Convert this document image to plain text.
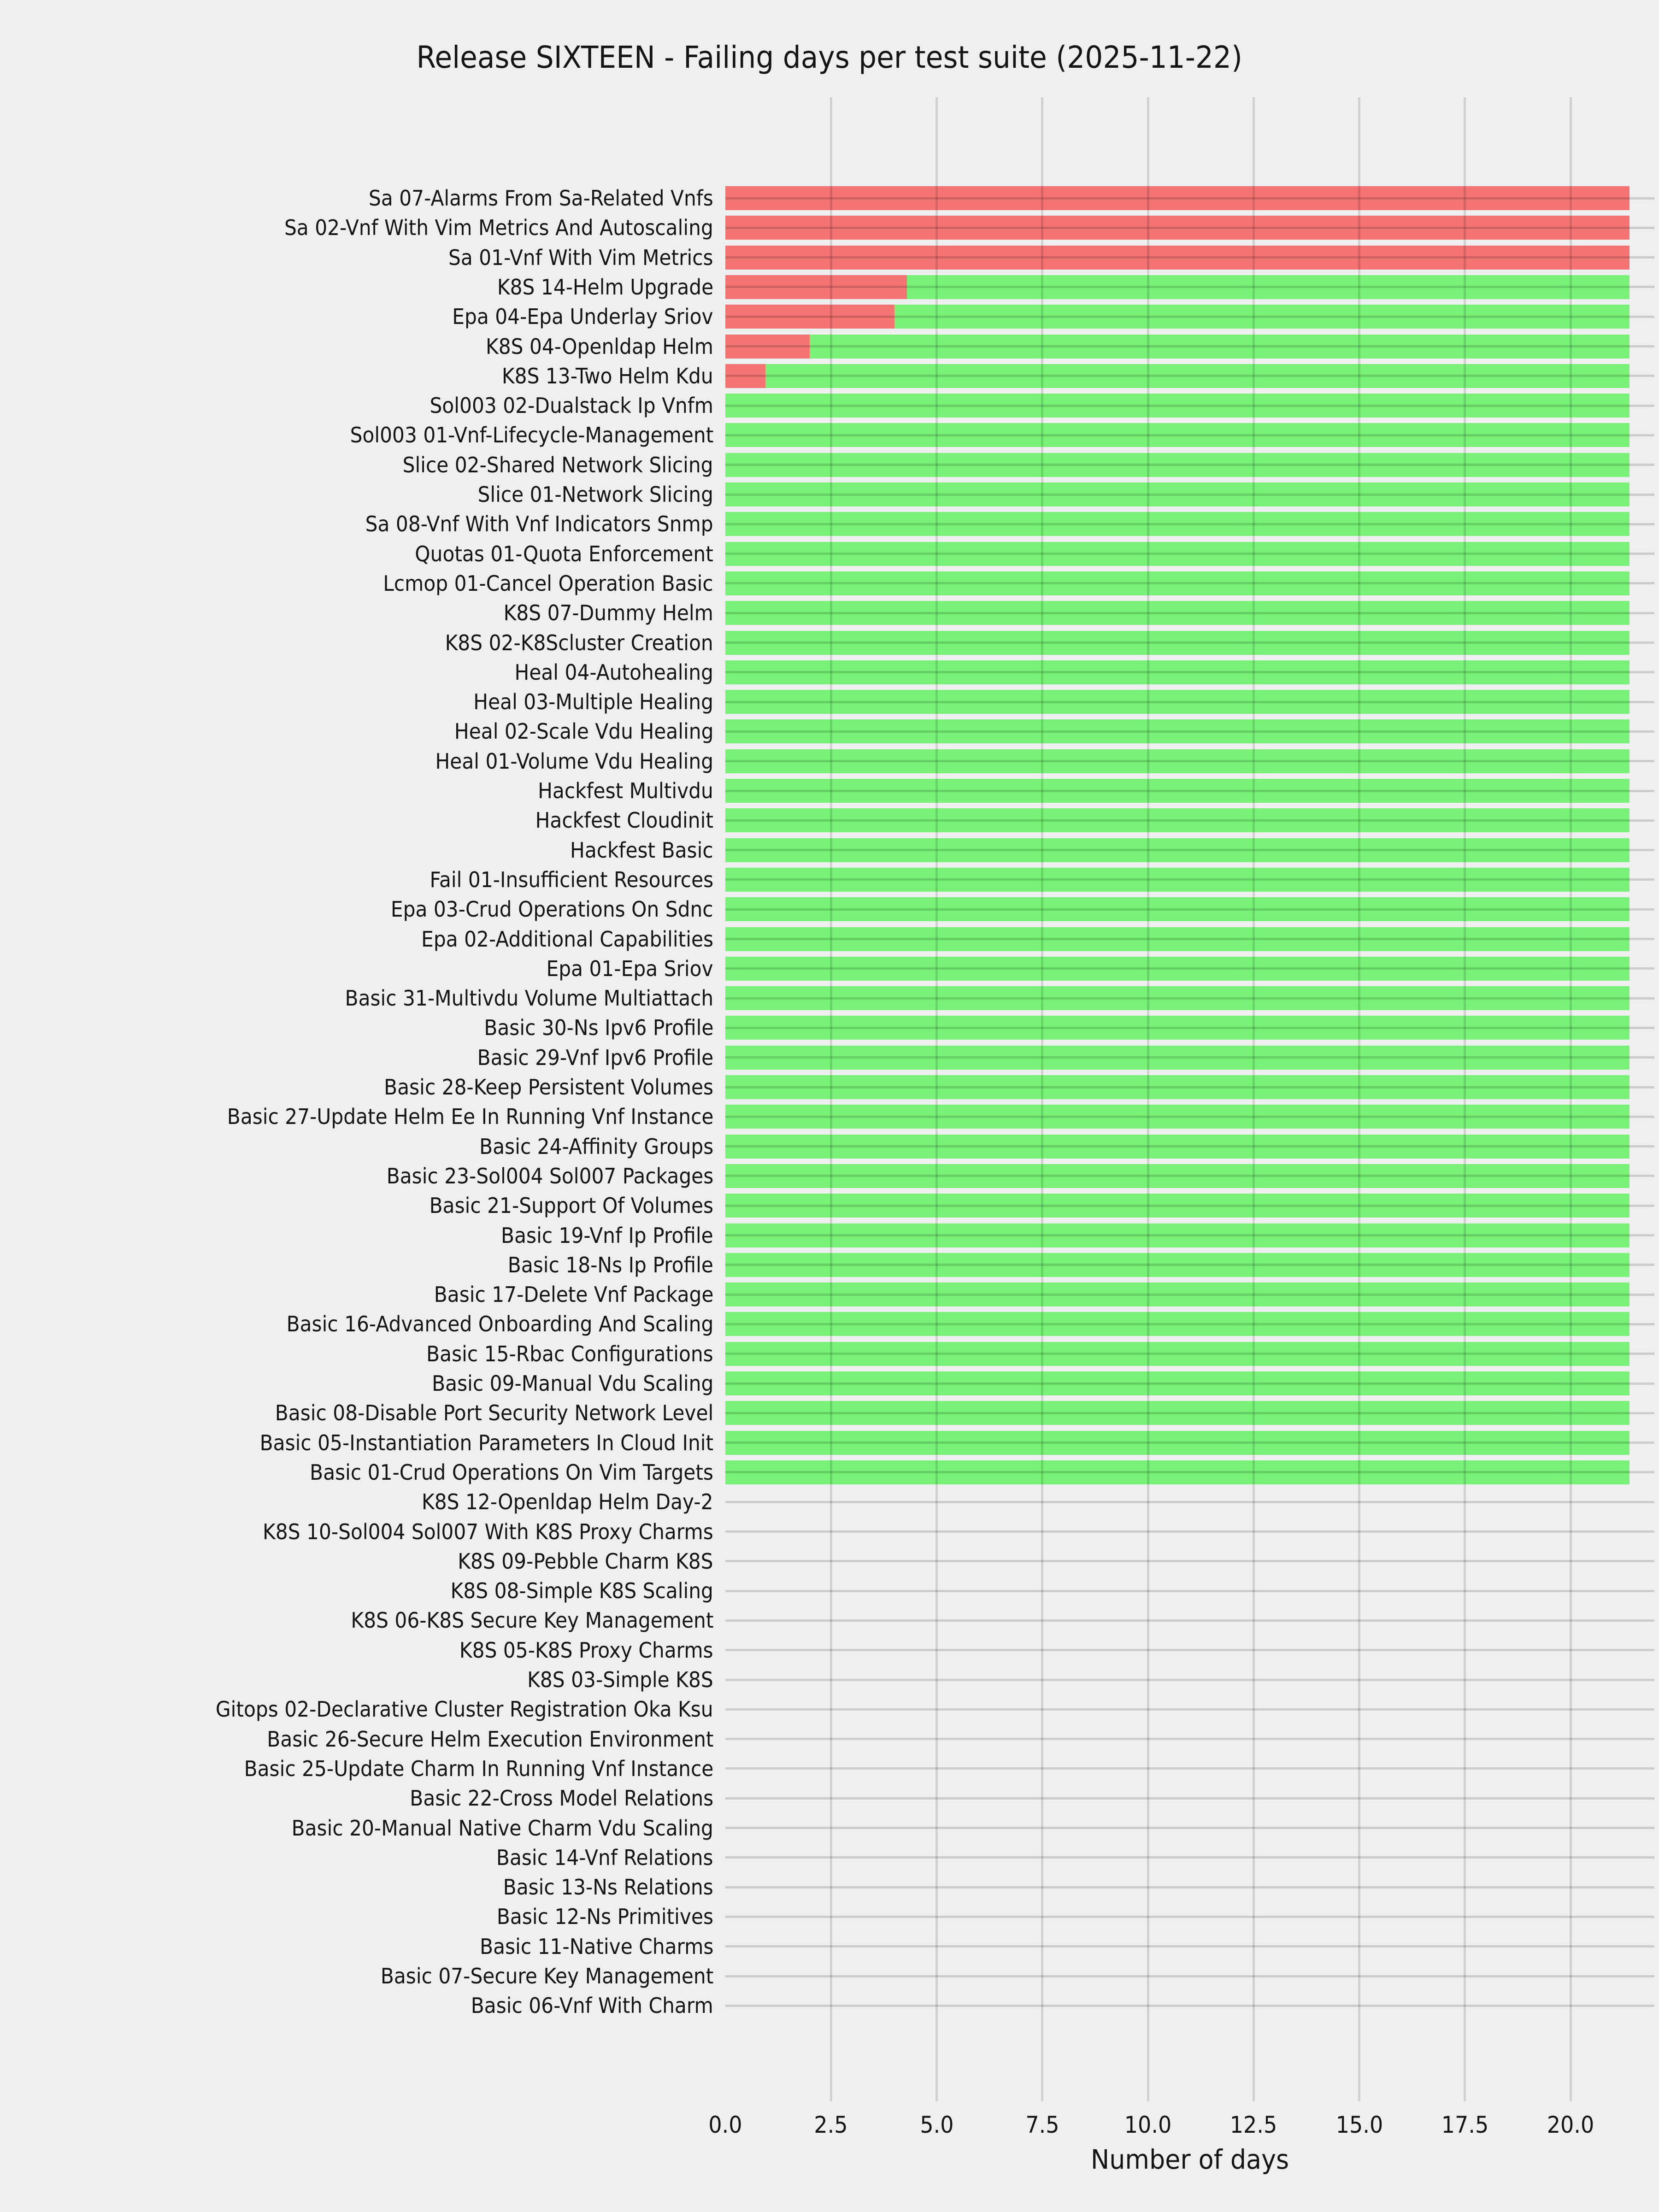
Release SIXTEEN - Failing days per test suite (2025-11-22)
Sa 07-Alarms From Sa-Related Vnfs
Sa 02-Vnf With Vim Metrics And Autoscaling
Sa 01-Vnf With Vim Metrics
K8S 14-Helm Upgrade
Epa 04-Epa Underlay Sriov
K8S 04-Openldap Helm
K8S 13-Two Helm Kdu
Sol003 02-Dualstack Ip Vnfm
Sol003 01-Vnf-Lifecycle-Management
Slice 02-Shared Network Slicing
Slice 01-Network Slicing
Sa 08-Vnf With Vnf Indicators Snmp
Quotas 01-Quota Enforcement
Lcmop 01-Cancel Operation Basic
K8S 07-Dummy Helm
K8S 02-K8Scluster Creation
Heal 04-Autohealing
Heal 03-Multiple Healing
Heal 02-Scale Vdu Healing
Heal 01-Volume Vdu Healing
Hackfest Multivdu
Hackfest Cloudinit
Hackfest Basic
Fail 01-Insufficient Resources
Epa 03-Crud Operations On Sdnc
Epa 02-Additional Capabilities
Epa 01-Epa Sriov
Basic 31-Multivdu Volume Multiattach
Basic 30-Ns Ipv6 Profile
Basic 29-Vnf Ipv6 Profile
Basic 28-Keep Persistent Volumes
Basic 27-Update Helm Ee In Running Vnf Instance
Basic 24-Affinity Groups
Basic 23-Sol004 Sol007 Packages
Basic 21-Support Of Volumes
Basic 19-Vnf Ip Profile
Basic 18-Ns Ip Profile
Basic 17-Delete Vnf Package
Basic 16-Advanced Onboarding And Scaling
Basic 15-Rbac Configurations
Basic 09-Manual Vdu Scaling
Basic 08-Disable Port Security Network Level
Basic 05-Instantiation Parameters In Cloud Init
Basic 01-Crud Operations On Vim Targets
K8S 12-Openldap Helm Day-2
K8S 10-Sol004 Sol007 With K8S Proxy Charms
K8S 09-Pebble Charm K8S
K8S 08-Simple K8S Scaling
K8S 06-K8S Secure Key Management
K8S 05-K8S Proxy Charms
K8S 03-Simple K8S
Gitops 02-Declarative Cluster Registration Oka Ksu
Basic 26-Secure Helm Execution Environment
Basic 25-Update Charm In Running Vnf Instance
Basic 22-Cross Model Relations
Basic 20-Manual Native Charm Vdu Scaling
Basic 14-Vnf Relations
Basic 13-Ns Relations
Basic 12-Ns Primitives
Basic 11-Native Charms
Basic 07-Secure Key Management
Basic 06-Vnf With Charm
0.0	2.5	5.0	7.5	10.0	12.5	15.0	17.5	20.0
Number of days
